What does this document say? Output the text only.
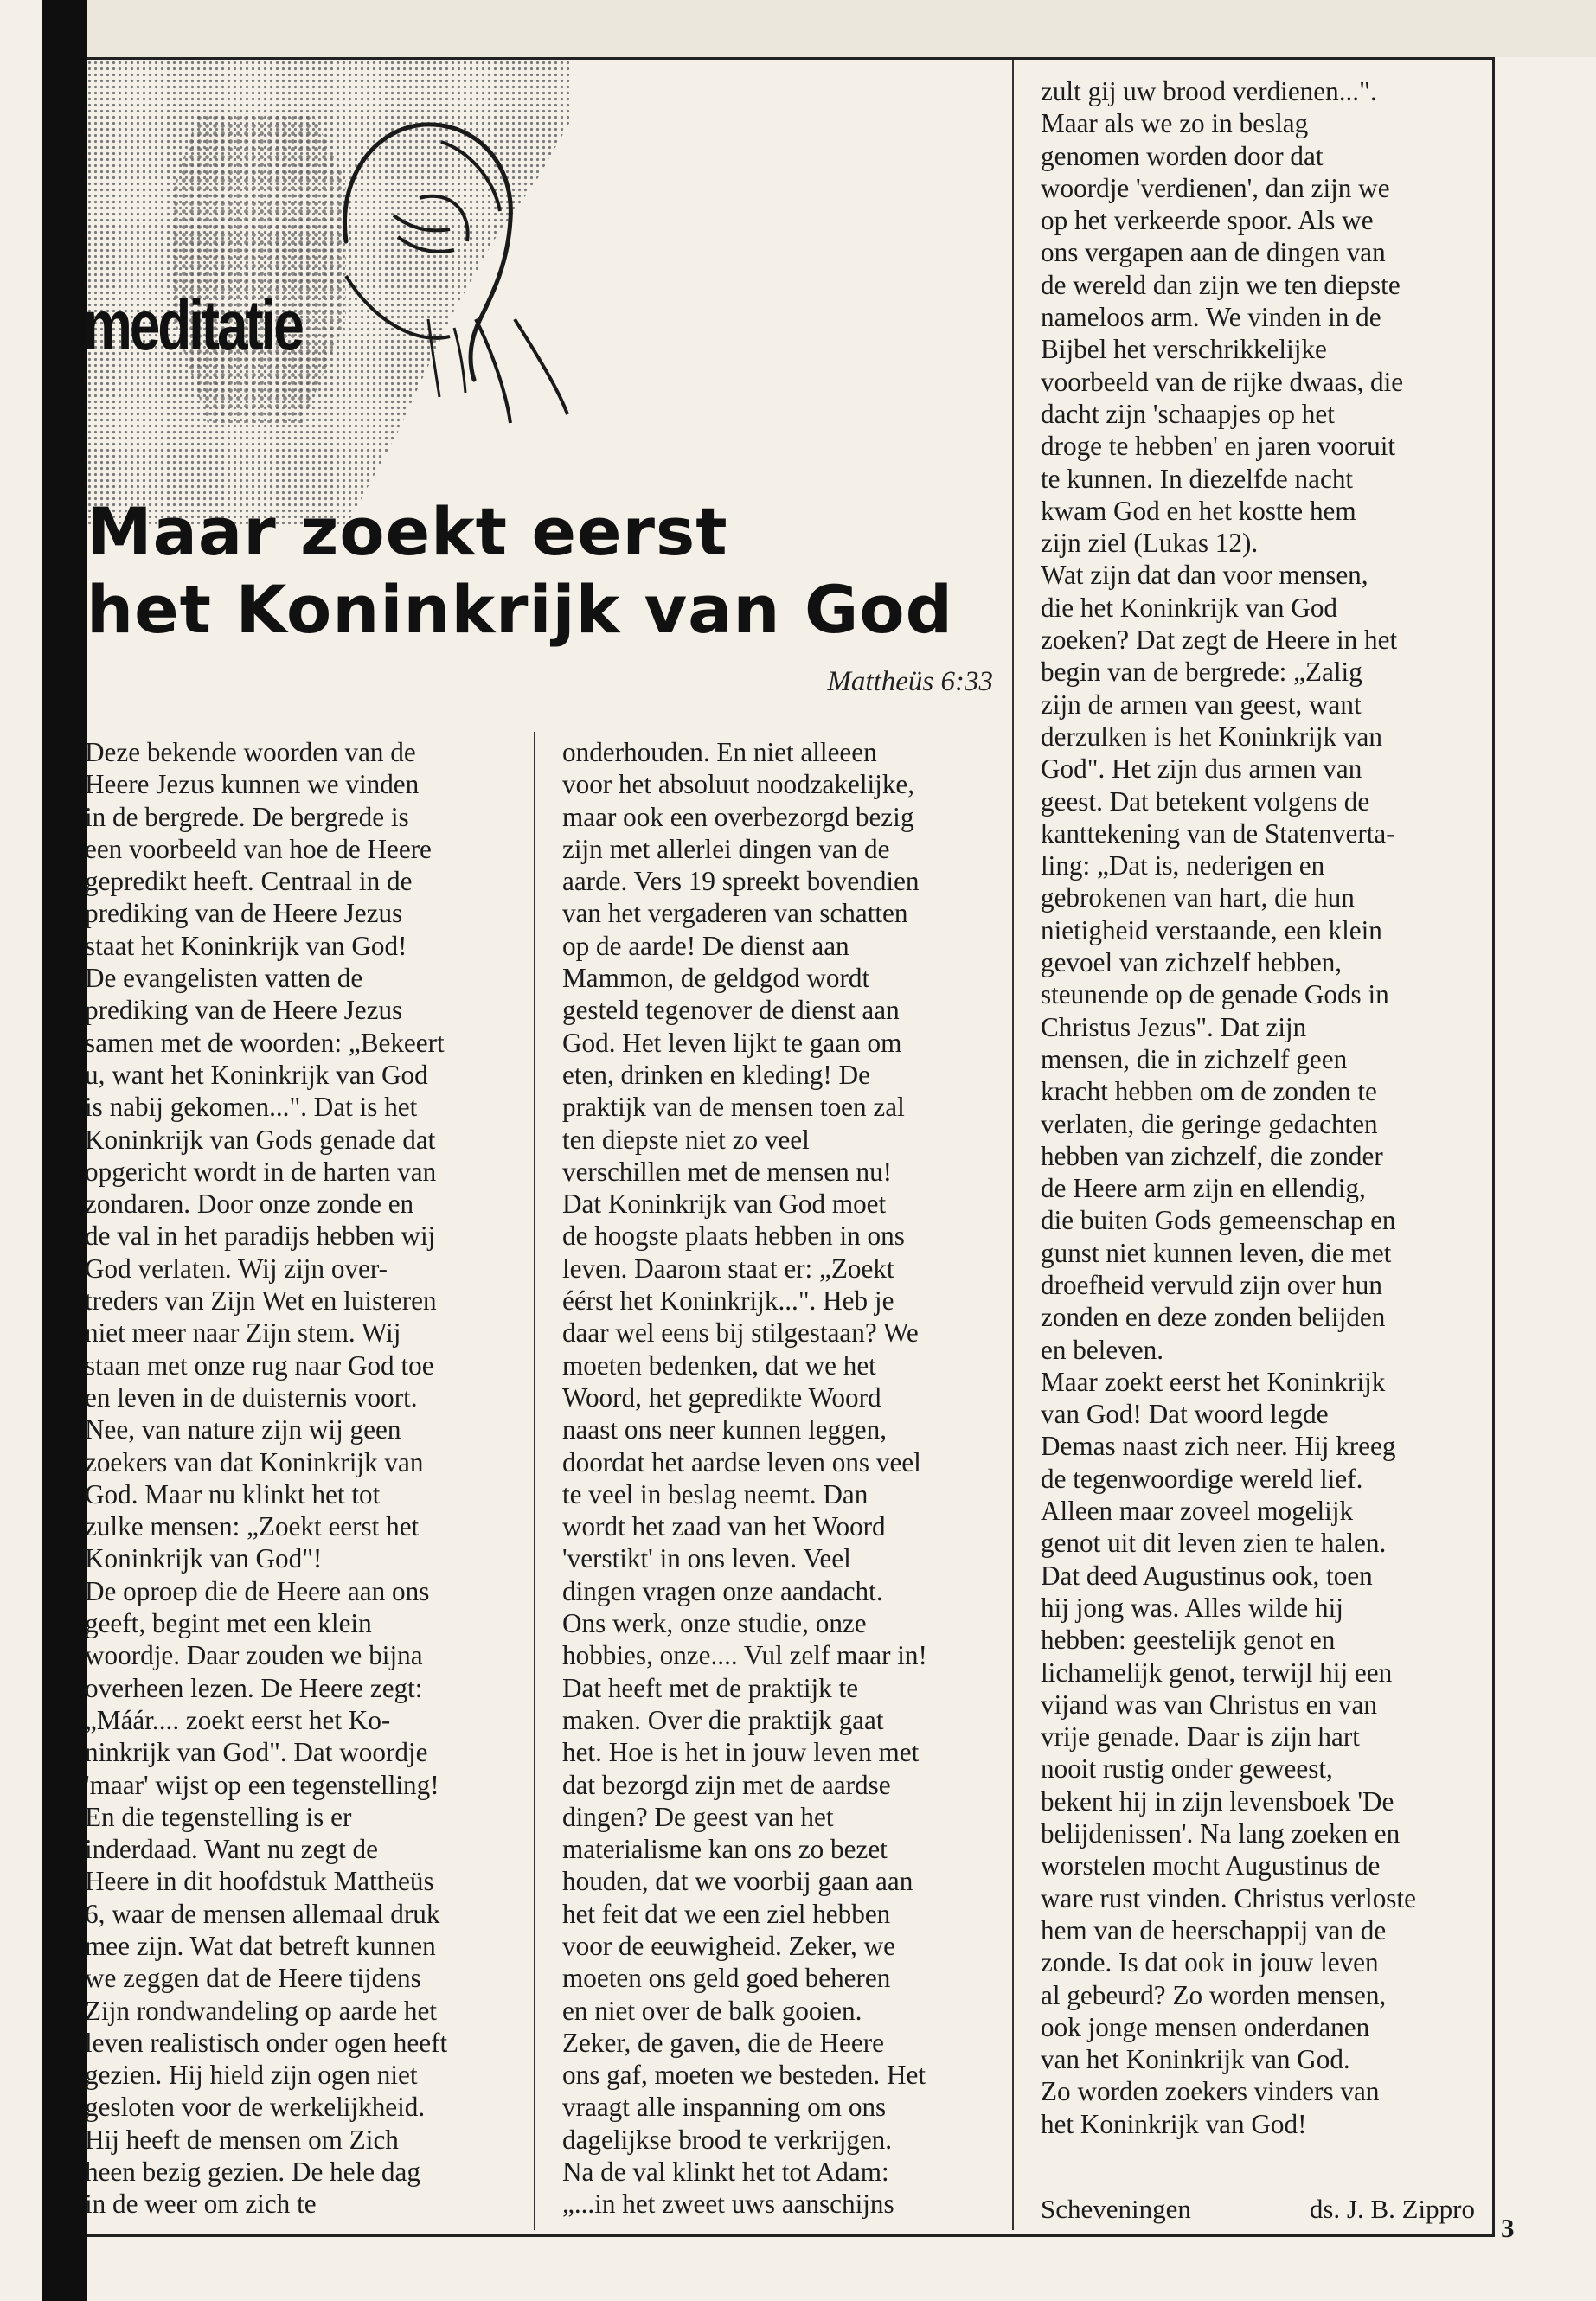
meditatie
Maar zoekt eerst
het Koninkrijk van God
Mattheüs 6:33

Deze bekende woorden van de
Heere Jezus kunnen we vinden
in de bergrede. De bergrede is
een voorbeeld van hoe de Heere
gepredikt heeft. Centraal in de
prediking van de Heere Jezus
staat het Koninkrijk van God!
De evangelisten vatten de
prediking van de Heere Jezus
samen met de woorden: „Bekeert
u, want het Koninkrijk van God
is nabij gekomen...". Dat is het
Koninkrijk van Gods genade dat
opgericht wordt in de harten van
zondaren. Door onze zonde en
de val in het paradijs hebben wij
God verlaten. Wij zijn over-
treders van Zijn Wet en luisteren
niet meer naar Zijn stem. Wij
staan met onze rug naar God toe
en leven in de duisternis voort.
Nee, van nature zijn wij geen
zoekers van dat Koninkrijk van
God. Maar nu klinkt het tot
zulke mensen: „Zoekt eerst het
Koninkrijk van God"!

De oproep die de Heere aan ons
geeft, begint met een klein
woordje. Daar zouden we bijna
overheen lezen. De Heere zegt:
„Máár.... zoekt eerst het Ko-
ninkrijk van God". Dat woordje
'maar' wijst op een tegenstelling!
En die tegenstelling is er
inderdaad. Want nu zegt de
Heere in dit hoofdstuk Mattheüs
6, waar de mensen allemaal druk
mee zijn. Wat dat betreft kunnen
we zeggen dat de Heere tijdens
Zijn rondwandeling op aarde het
leven realistisch onder ogen heeft
gezien. Hij hield zijn ogen niet
gesloten voor de werkelijkheid.
Hij heeft de mensen om Zich
heen bezig gezien. De hele dag
in de weer om zich te

onderhouden. En niet alleeen
voor het absoluut noodzakelijke,
maar ook een overbezorgd bezig
zijn met allerlei dingen van de
aarde. Vers 19 spreekt bovendien
van het vergaderen van schatten
op de aarde! De dienst aan
Mammon, de geldgod wordt
gesteld tegenover de dienst aan
God. Het leven lijkt te gaan om
eten, drinken en kleding! De
praktijk van de mensen toen zal
ten diepste niet zo veel
verschillen met de mensen nu!
Dat Koninkrijk van God moet
de hoogste plaats hebben in ons
leven. Daarom staat er: „Zoekt
éérst het Koninkrijk...". Heb je
daar wel eens bij stilgestaan? We
moeten bedenken, dat we het
Woord, het gepredikte Woord
naast ons neer kunnen leggen,
doordat het aardse leven ons veel
te veel in beslag neemt. Dan
wordt het zaad van het Woord
'verstikt' in ons leven. Veel
dingen vragen onze aandacht.
Ons werk, onze studie, onze
hobbies, onze.... Vul zelf maar in!
Dat heeft met de praktijk te
maken. Over die praktijk gaat
het. Hoe is het in jouw leven met
dat bezorgd zijn met de aardse
dingen? De geest van het
materialisme kan ons zo bezet
houden, dat we voorbij gaan aan
het feit dat we een ziel hebben
voor de eeuwigheid. Zeker, we
moeten ons geld goed beheren
en niet over de balk gooien.
Zeker, de gaven, die de Heere
ons gaf, moeten we besteden. Het
vraagt alle inspanning om ons
dagelijkse brood te verkrijgen.
Na de val klinkt het tot Adam:
„...in het zweet uws aanschijns

zult gij uw brood verdienen...".
Maar als we zo in beslag
genomen worden door dat
woordje 'verdienen', dan zijn we
op het verkeerde spoor. Als we
ons vergapen aan de dingen van
de wereld dan zijn we ten diepste
nameloos arm. We vinden in de
Bijbel het verschrikkelijke
voorbeeld van de rijke dwaas, die
dacht zijn 'schaapjes op het
droge te hebben' en jaren vooruit
te kunnen. In diezelfde nacht
kwam God en het kostte hem
zijn ziel (Lukas 12).

Wat zijn dat dan voor mensen,
die het Koninkrijk van God
zoeken? Dat zegt de Heere in het
begin van de bergrede: „Zalig
zijn de armen van geest, want
derzulken is het Koninkrijk van
God". Het zijn dus armen van
geest. Dat betekent volgens de
kanttekening van de Statenverta-
ling: „Dat is, nederigen en
gebrokenen van hart, die hun
nietigheid verstaande, een klein
gevoel van zichzelf hebben,
steunende op de genade Gods in
Christus Jezus". Dat zijn
mensen, die in zichzelf geen
kracht hebben om de zonden te
verlaten, die geringe gedachten
hebben van zichzelf, die zonder
de Heere arm zijn en ellendig,
die buiten Gods gemeenschap en
gunst niet kunnen leven, die met
droefheid vervuld zijn over hun
zonden en deze zonden belijden
en beleven.

Maar zoekt eerst het Koninkrijk
van God! Dat woord legde
Demas naast zich neer. Hij kreeg
de tegenwoordige wereld lief.
Alleen maar zoveel mogelijk
genot uit dit leven zien te halen.
Dat deed Augustinus ook, toen
hij jong was. Alles wilde hij
hebben: geestelijk genot en
lichamelijk genot, terwijl hij een
vijand was van Christus en van
vrije genade. Daar is zijn hart
nooit rustig onder geweest,
bekent hij in zijn levensboek 'De
belijdenissen'. Na lang zoeken en
worstelen mocht Augustinus de
ware rust vinden. Christus verloste
hem van de heerschappij van de
zonde. Is dat ook in jouw leven
al gebeurd? Zo worden mensen,
ook jonge mensen onderdanen
van het Koninkrijk van God.
Zo worden zoekers vinders van
het Koninkrijk van God!

Scheveningen	ds. J. B. Zippro
3
